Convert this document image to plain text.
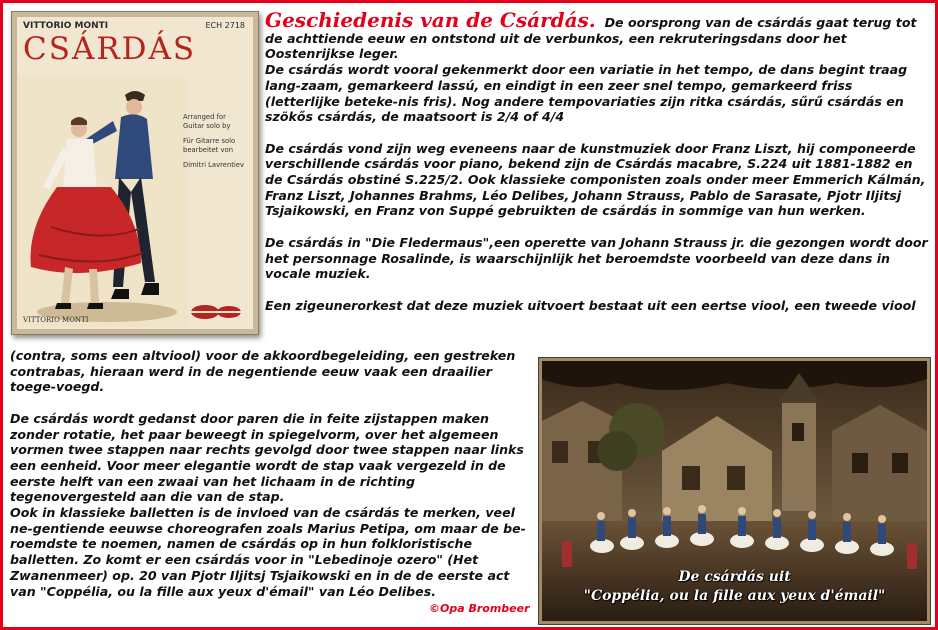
VITTORIO MONTI	ECH 2718
CSÁRDÁS
Arranged for Guitar solo by
Für Gitarre solo bearbeitet von
Dimitri Lavrentiev
VITTORIO MONTI

Geschiedenis van de Csárdás. De oorsprong van de csárdás gaat terug tot de achttiende eeuw en ontstond uit de verbunkos, een rekruteringsdans door het Oostenrijkse leger.

De csárdás wordt vooral gekenmerkt door een variatie in het tempo, de dans begint traag lang-zaam, gemarkeerd lassú, en eindigt in een zeer snel tempo, gemarkeerd friss (letterlijke beteke-nis fris). Nog andere tempovariaties zijn ritka csárdás, sűrű csárdás en szökős csárdás, de maatsoort is 2/4 of 4/4

De csárdás vond zijn weg eveneens naar de kunstmuziek door Franz Liszt, hij componeerde verschillende csárdás voor piano, bekend zijn de Csárdás macabre, S.224 uit 1881-1882 en de Csárdás obstiné S.225/2. Ook klassieke componisten zoals onder meer Emmerich Kálmán, Franz Liszt, Johannes Brahms, Léo Delibes, Johann Strauss, Pablo de Sarasate, Pjotr Iljitsj Tsjaikowski, en Franz von Suppé gebruikten de csárdás in sommige van hun werken.

De csárdás in "Die Fledermaus",een operette van Johann Strauss jr. die gezongen wordt door het personnage Rosalinde, is waarschijnlijk het beroemdste voorbeeld van deze dans in vocale muziek.

Een zigeunerorkest dat deze muziek uitvoert bestaat uit een eertse viool, een tweede viool

(contra, soms een altviool) voor de akkoordbegeleiding, een gestreken contrabas, hieraan werd in de negentiende eeuw vaak een draailier toege-voegd.

De csárdás wordt gedanst door paren die in feite zijstappen maken zonder rotatie, het paar beweegt in spiegelvorm, over het algemeen vormen twee stappen naar rechts gevolgd door twee stappen naar links een eenheid. Voor meer elegantie wordt de stap vaak vergezeld in de eerste helft van een zwaai van het lichaam in de richting tegenovergesteld aan die van de stap.

Ook in klassieke balletten is de invloed van de csárdás te merken, veel ne-gentiende eeuwse choreografen zoals Marius Petipa, om maar de be-roemdste te noemen, namen de csárdás op in hun folkloristische balletten. Zo komt er een csárdás voor in "Lebedinoje ozero" (Het Zwanenmeer) op. 20 van Pjotr Iljitsj Tsjaikowski en in de de eerste act van "Coppélia, ou la fille aux yeux d'émail" van Léo Delibes.

De csárdás uit
"Coppélia, ou la fille aux yeux d'émail"
©Opa Brombeer
